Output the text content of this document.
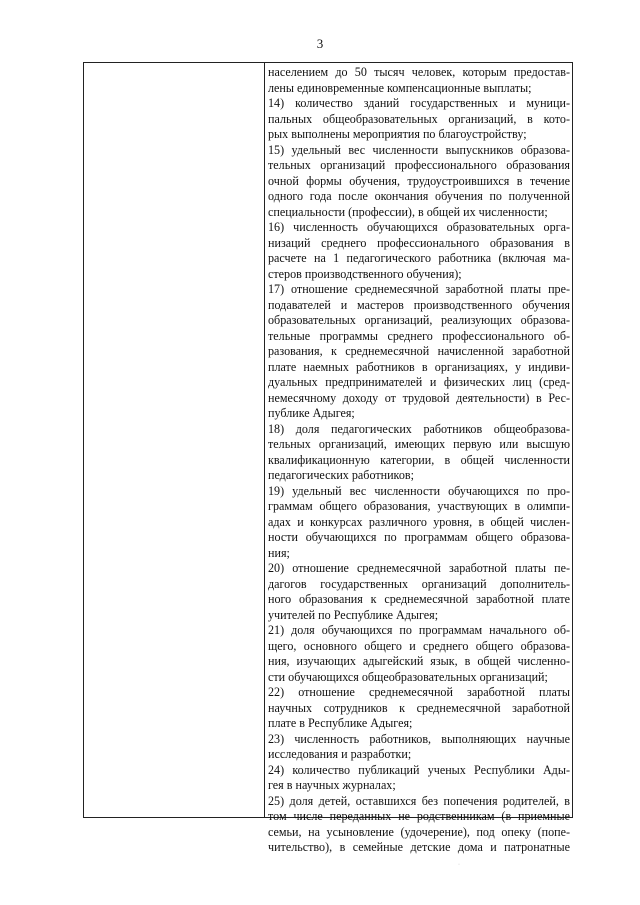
3
населением до 50 тысяч человек, которым предостав-
лены единовременные компенсационные выплаты;
14) количество зданий государственных и муници-
пальных общеобразовательных организаций, в кото-
рых выполнены мероприятия по благоустройству;
15) удельный вес численности выпускников образова-
тельных организаций профессионального образования
очной формы обучения, трудоустроившихся в течение
одного года после окончания обучения по полученной
специальности (профессии), в общей их численности;
16) численность обучающихся образовательных орга-
низаций среднего профессионального образования в
расчете на 1 педагогического работника (включая ма-
стеров производственного обучения);
17) отношение среднемесячной заработной платы пре-
подавателей и мастеров производственного обучения
образовательных организаций, реализующих образова-
тельные программы среднего профессионального об-
разования, к среднемесячной начисленной заработной
плате наемных работников в организациях, у индиви-
дуальных предпринимателей и физических лиц (сред-
немесячному доходу от трудовой деятельности) в Рес-
публике Адыгея;
18) доля педагогических работников общеобразова-
тельных организаций, имеющих первую или высшую
квалификационную категории, в общей численности
педагогических работников;
19) удельный вес численности обучающихся по про-
граммам общего образования, участвующих в олимпи-
адах и конкурсах различного уровня, в общей числен-
ности обучающихся по программам общего образова-
ния;
20) отношение среднемесячной заработной платы пе-
дагогов государственных организаций дополнитель-
ного образования к среднемесячной заработной плате
учителей по Республике Адыгея;
21) доля обучающихся по программам начального об-
щего, основного общего и среднего общего образова-
ния, изучающих адыгейский язык, в общей численно-
сти обучающихся общеобразовательных организаций;
22) отношение среднемесячной заработной платы
научных сотрудников к среднемесячной заработной
плате в Республике Адыгея;
23) численность работников, выполняющих научные
исследования и разработки;
24) количество публикаций ученых Республики Ады-
гея в научных журналах;
25) доля детей, оставшихся без попечения родителей, в
том числе переданных не родственникам (в приемные
семьи, на усыновление (удочерение), под опеку (попе-
чительство), в семейные детские дома и патронатные
·
